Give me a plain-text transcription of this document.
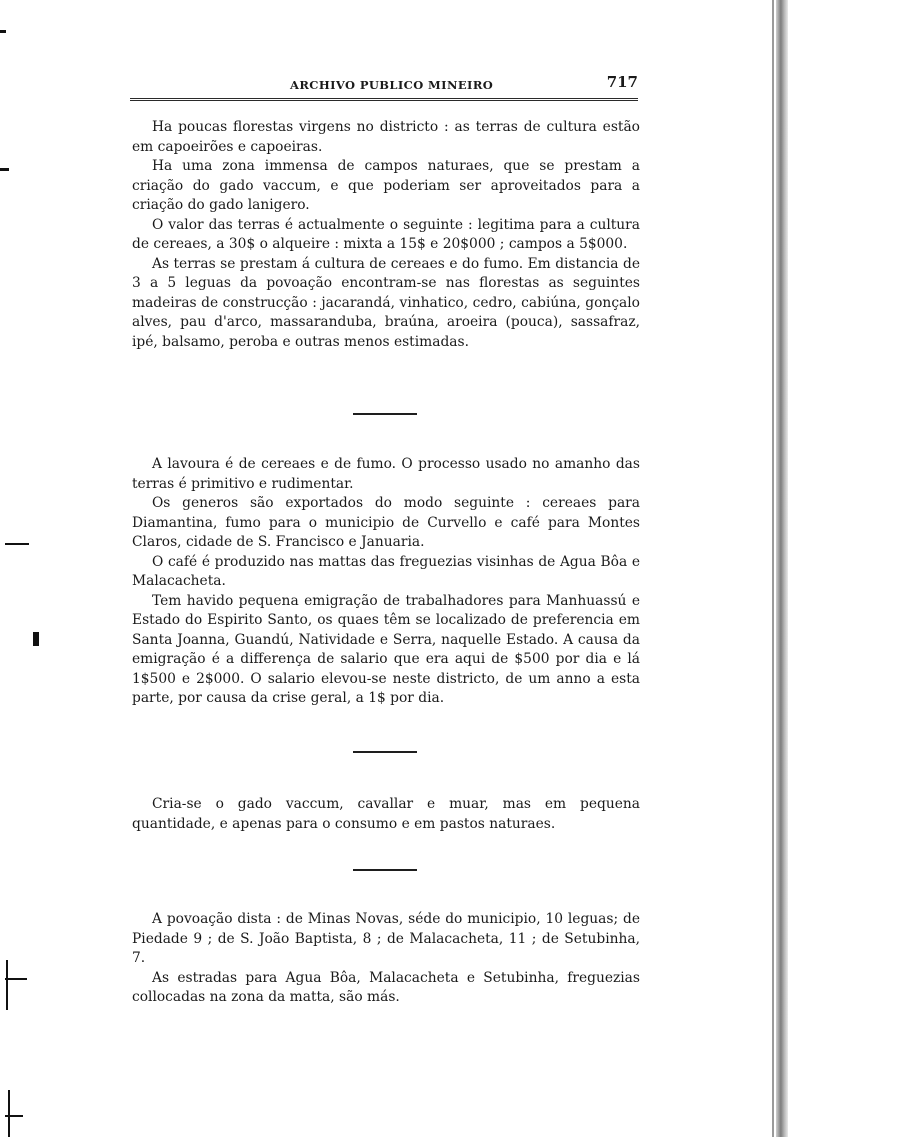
ARCHIVO PUBLICO MINEIRO	717

Ha poucas florestas virgens no districto : as terras de cultura estão em capoeirões e capoeiras.

Ha uma zona immensa de campos naturaes, que se prestam a criação do gado vaccum, e que poderiam ser aproveitados para a criação do gado lanigero.

O valor das terras é actualmente o seguinte : legitima para a cultura de cereaes, a 30$ o alqueire : mixta a 15$ e 20$000 ; campos a 5$000.

As terras se prestam á cultura de cereaes e do fumo. Em distancia de 3 a 5 leguas da povoação encontram-se nas florestas as seguintes madeiras de construcção : jacarandá, vinhatico, cedro, cabiúna, gonçalo alves, pau d'arco, massaranduba, braúna, aroeira (pouca), sassafraz, ipé, balsamo, peroba e outras menos estimadas.

A lavoura é de cereaes e de fumo. O processo usado no amanho das terras é primitivo e rudimentar.

Os generos são exportados do modo seguinte : cereaes para Diamantina, fumo para o municipio de Curvello e café para Montes Claros, cidade de S. Francisco e Januaria.

O café é produzido nas mattas das freguezias visinhas de Agua Bôa e Malacacheta.

Tem havido pequena emigração de trabalhadores para Manhuassú e Estado do Espirito Santo, os quaes têm se localizado de preferencia em Santa Joanna, Guandú, Natividade e Serra, naquelle Estado. A causa da emigração é a differença de salario que era aqui de $500 por dia e lá 1$500 e 2$000. O salario elevou-se neste districto, de um anno a esta parte, por causa da crise geral, a 1$ por dia.

Cria-se o gado vaccum, cavallar e muar, mas em pequena quantidade, e apenas para o consumo e em pastos naturaes.

A povoação dista : de Minas Novas, séde do municipio, 10 leguas; de Piedade 9 ; de S. João Baptista, 8 ; de Malacacheta, 11 ; de Setubinha, 7.

As estradas para Agua Bôa, Malacacheta e Setubinha, freguezias collocadas na zona da matta, são más.
